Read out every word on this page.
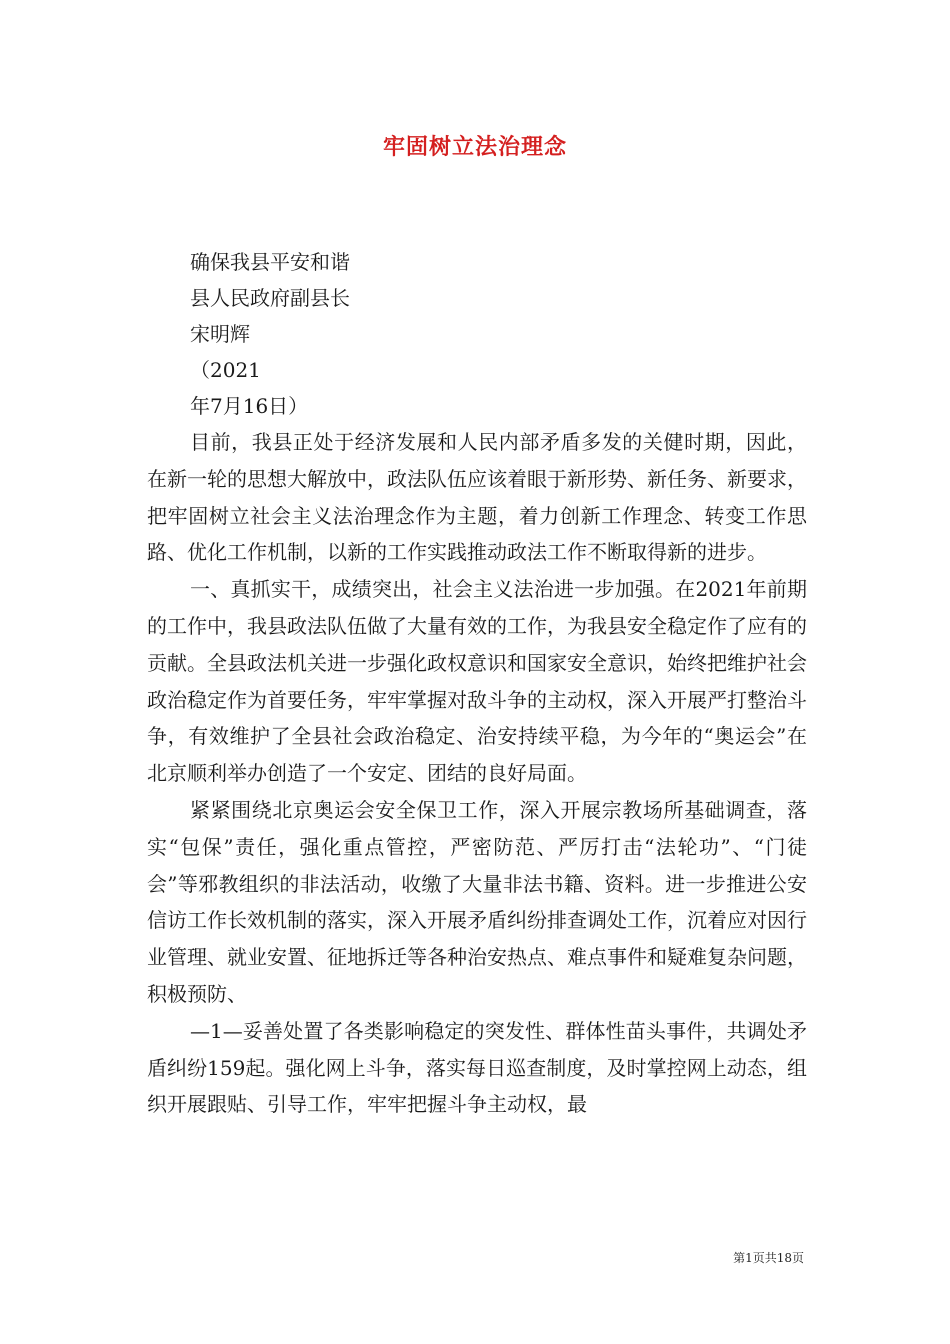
牢固树立法治理念
确保我县平安和谐
县人民政府副县长
宋明辉
（2021
年7月16日）

目前，我县正处于经济发展和人民内部矛盾多发的关健时期，因此，在新一轮的思想大解放中，政法队伍应该着眼于新形势、新任务、新要求，把牢固树立社会主义法治理念作为主题，着力创新工作理念、转变工作思路、优化工作机制，以新的工作实践推动政法工作不断取得新的进步。

一、真抓实干，成绩突出，社会主义法治进一步加强。在2021年前期的工作中，我县政法队伍做了大量有效的工作，为我县安全稳定作了应有的贡献。全县政法机关进一步强化政权意识和国家安全意识，始终把维护社会政治稳定作为首要任务，牢牢掌握对敌斗争的主动权，深入开展严打整治斗争，有效维护了全县社会政治稳定、治安持续平稳，为今年的“奥运会”在北京顺利举办创造了一个安定、团结的良好局面。

紧紧围绕北京奥运会安全保卫工作，深入开展宗教场所基础调查，落实“包保”责任，强化重点管控，严密防范、严厉打击“法轮功”、“门徒会”等邪教组织的非法活动，收缴了大量非法书籍、资料。进一步推进公安信访工作长效机制的落实，深入开展矛盾纠纷排查调处工作，沉着应对因行业管理、就业安置、征地拆迁等各种治安热点、难点事件和疑难复杂问题，积极预防、

—1—妥善处置了各类影响稳定的突发性、群体性苗头事件，共调处矛盾纠纷159起。强化网上斗争，落实每日巡查制度，及时掌控网上动态，组织开展跟贴、引导工作，牢牢把握斗争主动权，最

第1页共18页
